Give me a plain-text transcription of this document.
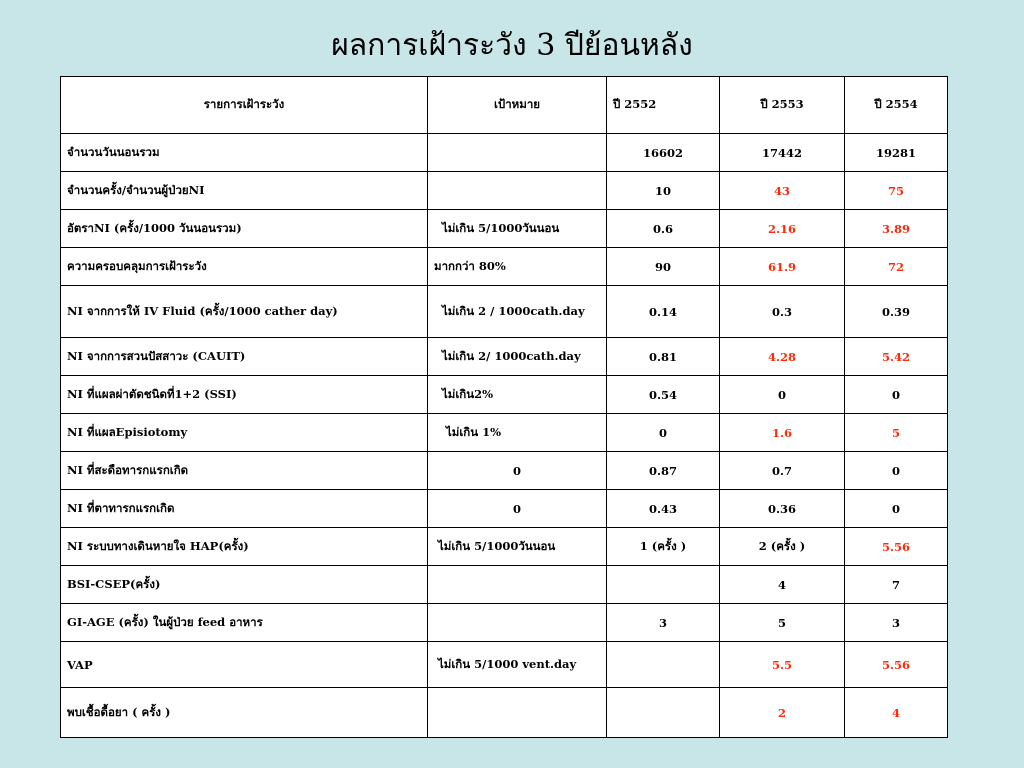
ผลการเฝ้าระวัง 3 ปีย้อนหลัง
รายการเฝ้าระวัง	เป้าหมาย	ปี 2552	ปี 2553	ปี 2554
จำนวนวันนอนรวม		16602	17442	19281
จำนวนครั้ง/จำนวนผู้ป่วยNI		10	43	75
อัตราNI (ครั้ง/1000 วันนอนรวม)	ไม่เกิน 5/1000วันนอน	0.6	2.16	3.89
ความครอบคลุมการเฝ้าระวัง	มากกว่า 80%	90	61.9	72
NI จากการให้ IV Fluid (ครั้ง/1000 cather day)	ไม่เกิน 2 / 1000cath.day	0.14	0.3	0.39
NI จากการสวนปัสสาวะ (CAUIT)	ไม่เกิน 2/ 1000cath.day	0.81	4.28	5.42
NI ที่แผลผ่าตัดชนิดที่1+2 (SSI)	ไม่เกิน2%	0.54	0	0
NI ที่แผลEpisiotomy	ไม่เกิน 1%	0	1.6	5
NI ที่สะดือทารกแรกเกิด	0	0.87	0.7	0
NI ที่ตาทารกแรกเกิด	0	0.43	0.36	0
NI ระบบทางเดินหายใจ HAP(ครั้ง)	ไม่เกิน 5/1000วันนอน	1 (ครั้ง )	2 (ครั้ง )	5.56
BSI-CSEP(ครั้ง)			4	7
GI-AGE (ครั้ง) ในผู้ป่วย feed อาหาร		3	5	3
VAP	ไม่เกิน 5/1000 vent.day		5.5	5.56
พบเชื้อดื้อยา ( ครั้ง )			2	4
